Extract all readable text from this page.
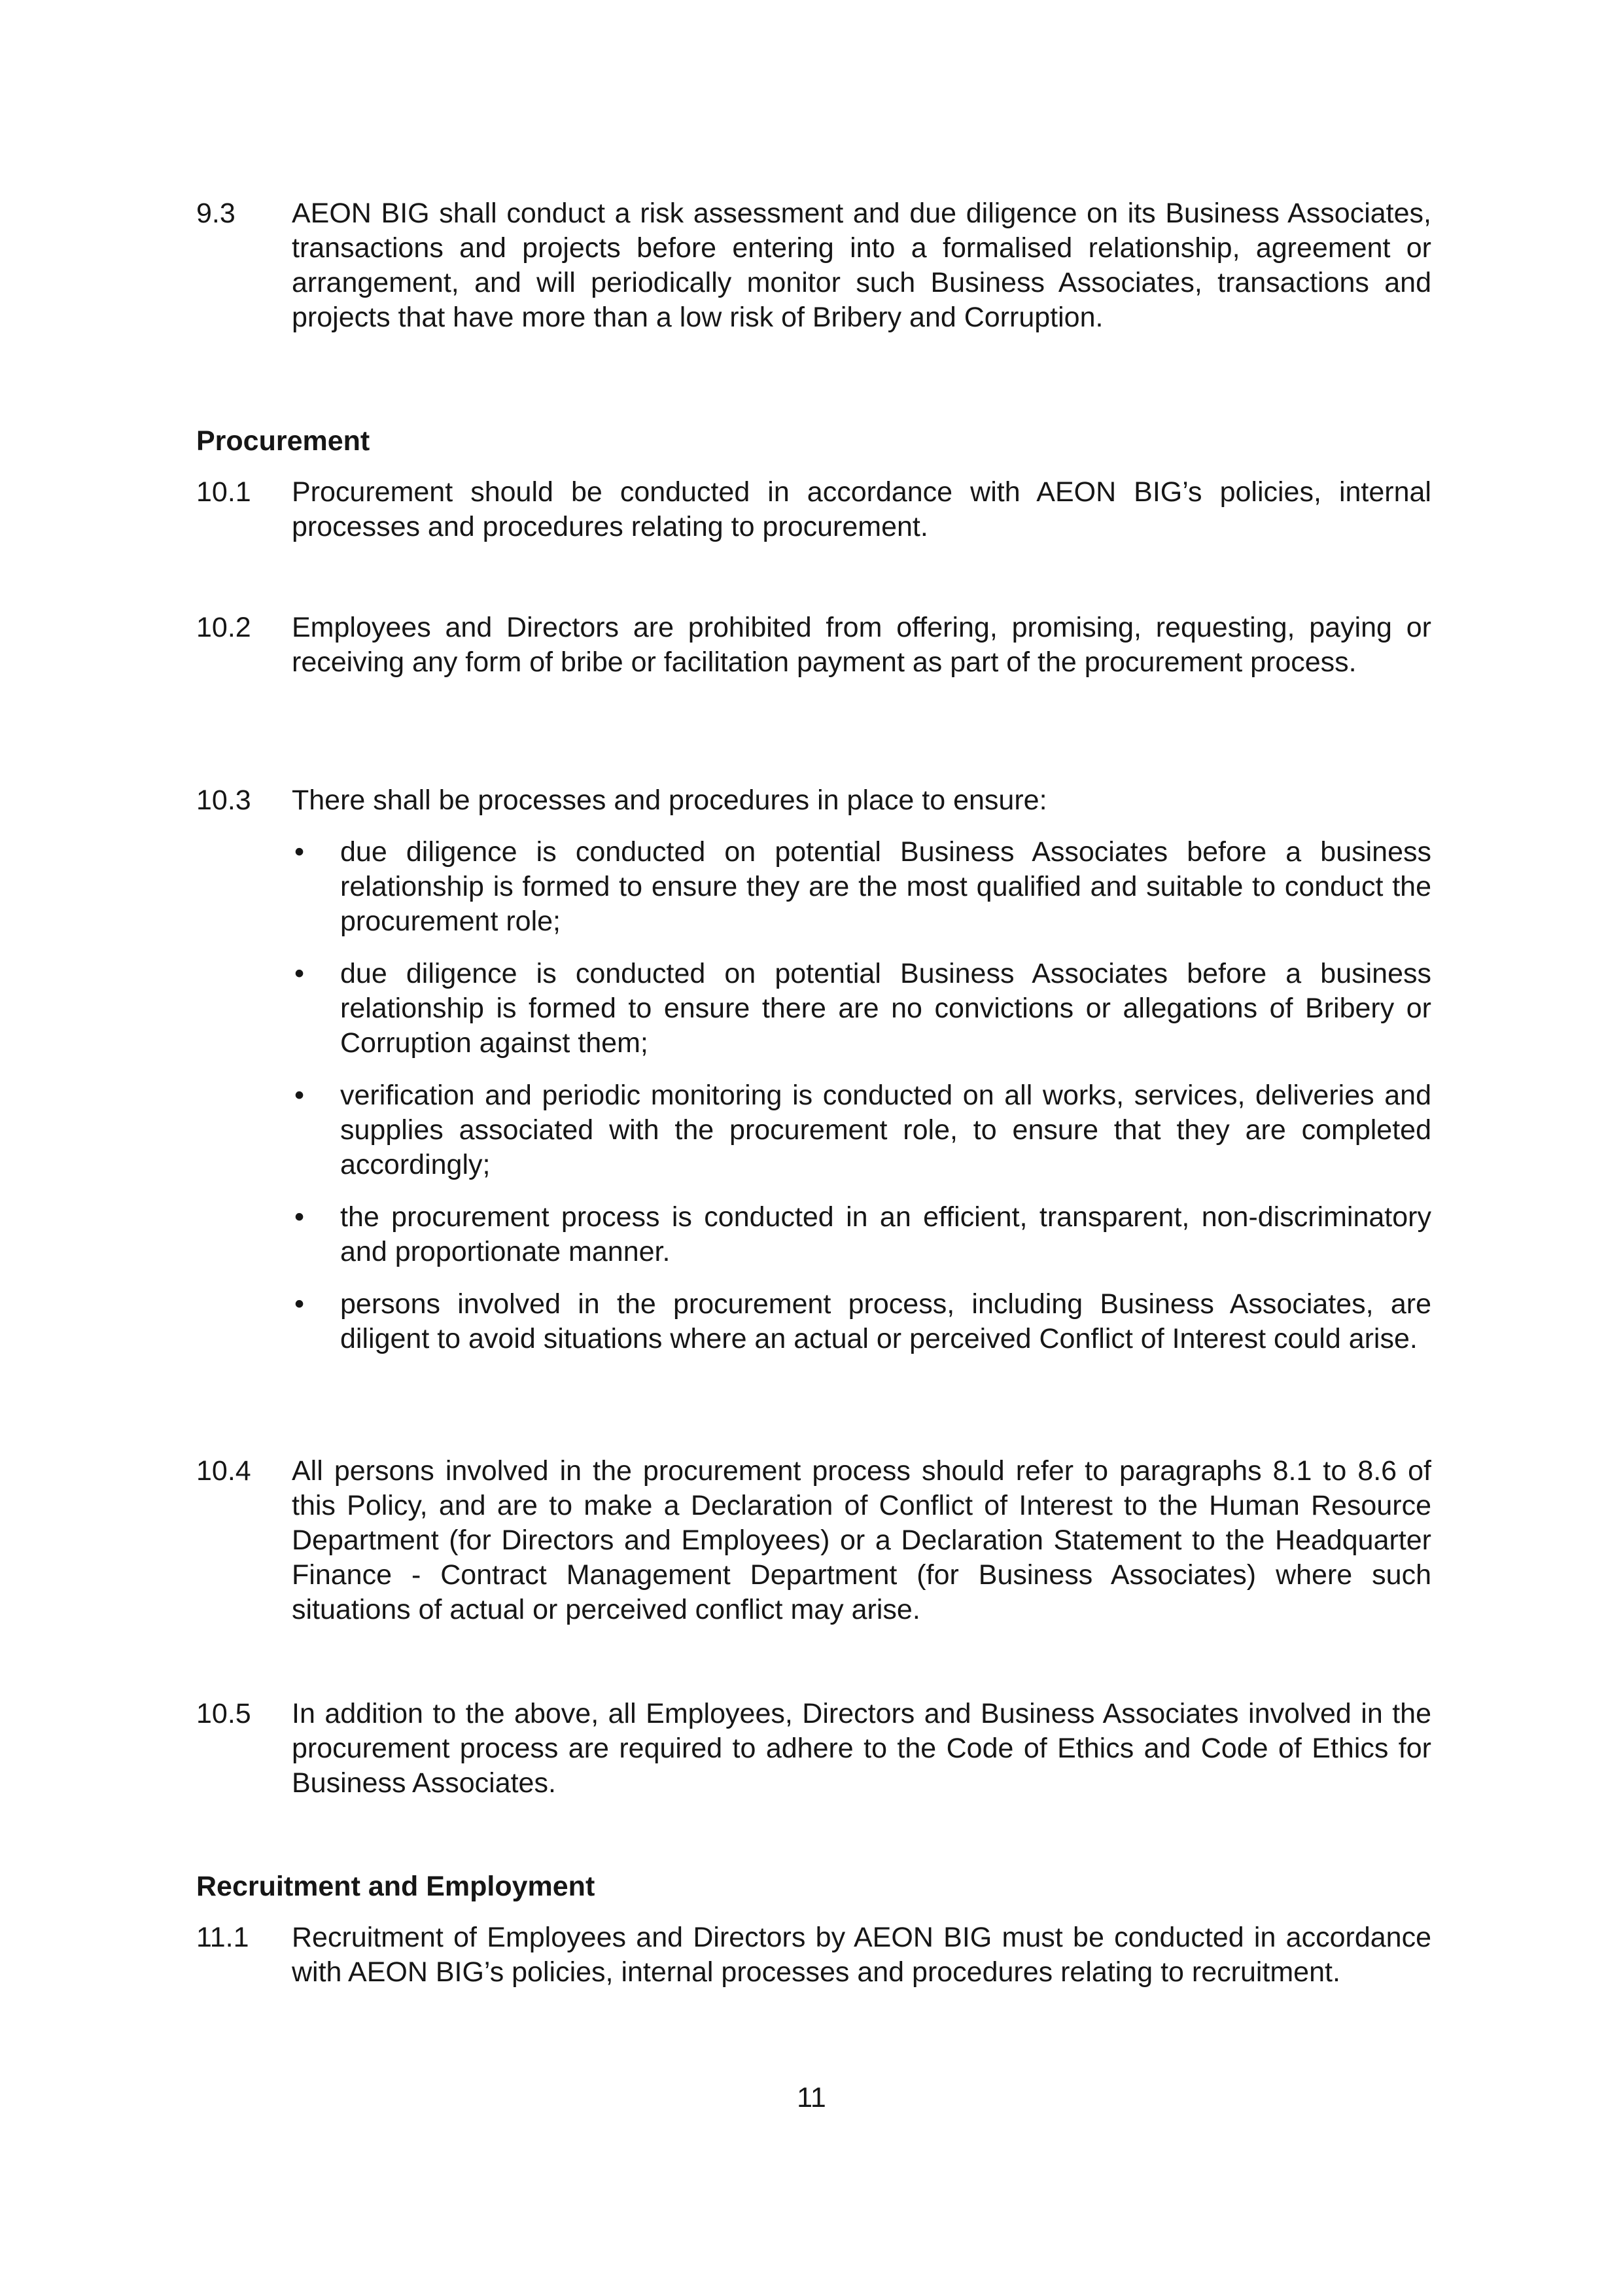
9.3 AEON BIG shall conduct a risk assessment and due diligence on its Business Associates, transactions and projects before entering into a formalised relationship, agreement or arrangement, and will periodically monitor such Business Associates, transactions and projects that have more than a low risk of Bribery and Corruption.
Procurement
10.1 Procurement should be conducted in accordance with AEON BIG’s policies, internal processes and procedures relating to procurement.
10.2 Employees and Directors are prohibited from offering, promising, requesting, paying or receiving any form of bribe or facilitation payment as part of the procurement process.
10.3 There shall be processes and procedures in place to ensure:
• due diligence is conducted on potential Business Associates before a business relationship is formed to ensure they are the most qualified and suitable to conduct the procurement role;
• due diligence is conducted on potential Business Associates before a business relationship is formed to ensure there are no convictions or allegations of Bribery or Corruption against them;
• verification and periodic monitoring is conducted on all works, services, deliveries and supplies associated with the procurement role, to ensure that they are completed accordingly;
• the procurement process is conducted in an efficient, transparent, non-discriminatory and proportionate manner.
• persons involved in the procurement process, including Business Associates, are diligent to avoid situations where an actual or perceived Conflict of Interest could arise.
10.4 All persons involved in the procurement process should refer to paragraphs 8.1 to 8.6 of this Policy, and are to make a Declaration of Conflict of Interest to the Human Resource Department (for Directors and Employees) or a Declaration Statement to the Headquarter Finance - Contract Management Department (for Business Associates) where such situations of actual or perceived conflict may arise.
10.5 In addition to the above, all Employees, Directors and Business Associates involved in the procurement process are required to adhere to the Code of Ethics and Code of Ethics for Business Associates.
Recruitment and Employment
11.1 Recruitment of Employees and Directors by AEON BIG must be conducted in accordance with AEON BIG’s policies, internal processes and procedures relating to recruitment.
11
